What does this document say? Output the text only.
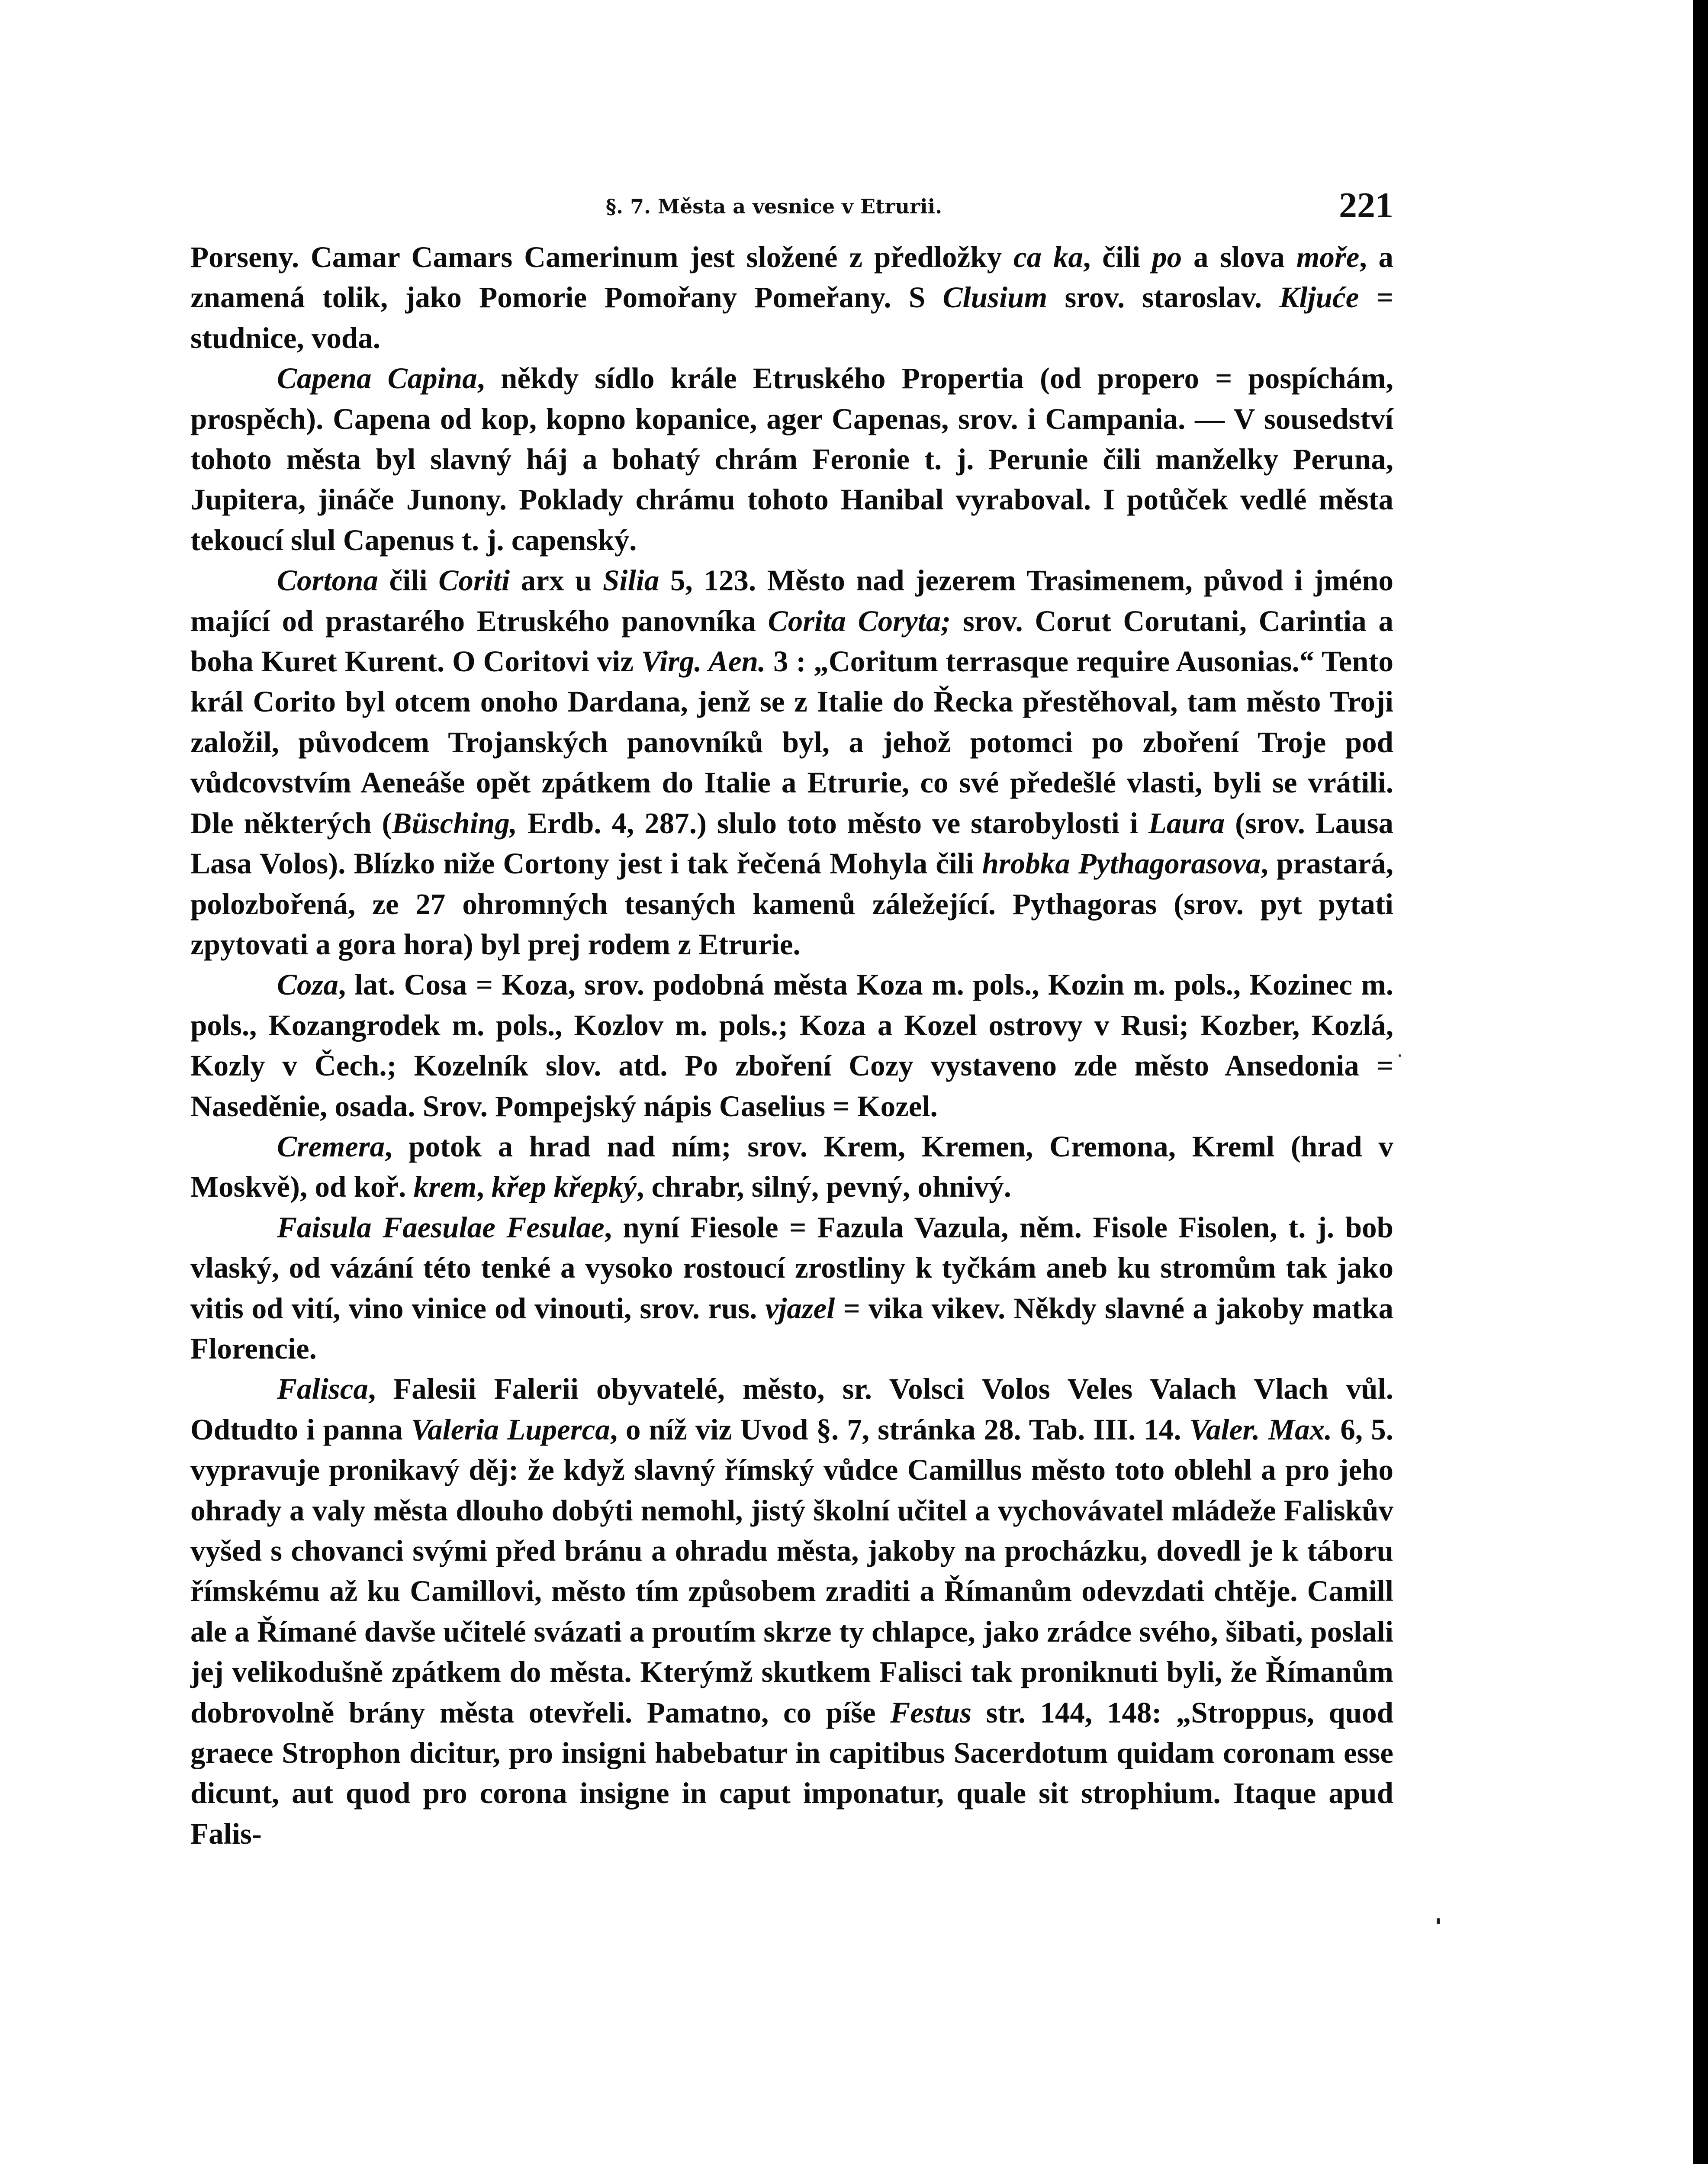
§. 7. Města a vesnice v Etrurii.	221

Porseny. Camar Camars Camerinum jest složené z předložky ca ka, čili po a slova moře, a znamená tolik, jako Pomorie Pomořany Pomeřany. S Clusium srov. staroslav. Kljuće = studnice, voda.

Capena Capina, někdy sídlo krále Etruského Propertia (od propero = pospíchám, prospěch). Capena od kop, kopno kopanice, ager Capenas, srov. i Campania. — V sousedství tohoto města byl slavný háj a bohatý chrám Feronie t. j. Perunie čili manželky Peruna, Jupitera, jináče Junony. Poklady chrámu tohoto Hanibal vyraboval. I potůček vedlé města tekoucí slul Capenus t. j. capenský.

Cortona čili Coriti arx u Silia 5, 123. Město nad jezerem Trasimenem, původ i jméno mající od prastarého Etruského panovníka Corita Coryta; srov. Corut Corutani, Carintia a boha Kuret Kurent. O Coritovi viz Virg. Aen. 3 : „Coritum terrasque require Ausonias.“ Tento král Corito byl otcem onoho Dardana, jenž se z Italie do Řecka přestěhoval, tam město Troji založil, původcem Trojanských panovníků byl, a jehož potomci po zboření Troje pod vůdcovstvím Aeneáše opět zpátkem do Italie a Etrurie, co své předešlé vlasti, byli se vrátili. Dle některých (Büsching, Erdb. 4, 287.) slulo toto město ve starobylosti i Laura (srov. Lausa Lasa Volos). Blízko niže Cortony jest i tak řečená Mohyla čili hrobka Pythagorasova, prastará, polozbořená, ze 27 ohromných tesaných kamenů záležející. Pythagoras (srov. pyt pytati zpytovati a gora hora) byl prej rodem z Etrurie.

Coza, lat. Cosa = Koza, srov. podobná města Koza m. pols., Kozin m. pols., Kozinec m. pols., Kozangrodek m. pols., Kozlov m. pols.; Koza a Kozel ostrovy v Rusi; Kozber, Kozlá, Kozly v Čech.; Kozelník slov. atd. Po zboření Cozy vystaveno zde město Ansedonia = Naseděnie, osada. Srov. Pompejský nápis Caselius = Kozel.

Cremera, potok a hrad nad ním; srov. Krem, Kremen, Cremona, Kreml (hrad v Moskvě), od koř. krem, křep křepký, chrabr, silný, pevný, ohnivý.

Faisula Faesulae Fesulae, nyní Fiesole = Fazula Vazula, něm. Fisole Fisolen, t. j. bob vlaský, od vázání této tenké a vysoko rostoucí zrostliny k tyčkám aneb ku stromům tak jako vitis od vití, vino vinice od vinouti, srov. rus. vjazel = vika vikev. Někdy slavné a jakoby matka Florencie.

Falisca, Falesii Falerii obyvatelé, město, sr. Volsci Volos Veles Valach Vlach vůl. Odtudto i panna Valeria Luperca, o níž viz Uvod §. 7, stránka 28. Tab. III. 14. Valer. Max. 6, 5. vypravuje pronikavý děj: že když slavný římský vůdce Camillus město toto oblehl a pro jeho ohrady a valy města dlouho dobýti nemohl, jistý školní učitel a vychovávatel mládeže Faliskův vyšed s chovanci svými před bránu a ohradu města, jakoby na procházku, dovedl je k táboru římskému až ku Camillovi, město tím způsobem zraditi a Římanům odevzdati chtěje. Camill ale a Římané davše učitelé svázati a proutím skrze ty chlapce, jako zrádce svého, šibati, poslali jej velikodušně zpátkem do města. Kterýmž skutkem Falisci tak proniknuti byli, že Římanům dobrovolně brány města otevřeli. Pamatno, co píše Festus str. 144, 148: „Stroppus, quod graece Strophon dicitur, pro insigni habebatur in capitibus Sacerdotum quidam coronam esse dicunt, aut quod pro corona insigne in caput imponatur, quale sit strophium. Itaque apud Falis-
